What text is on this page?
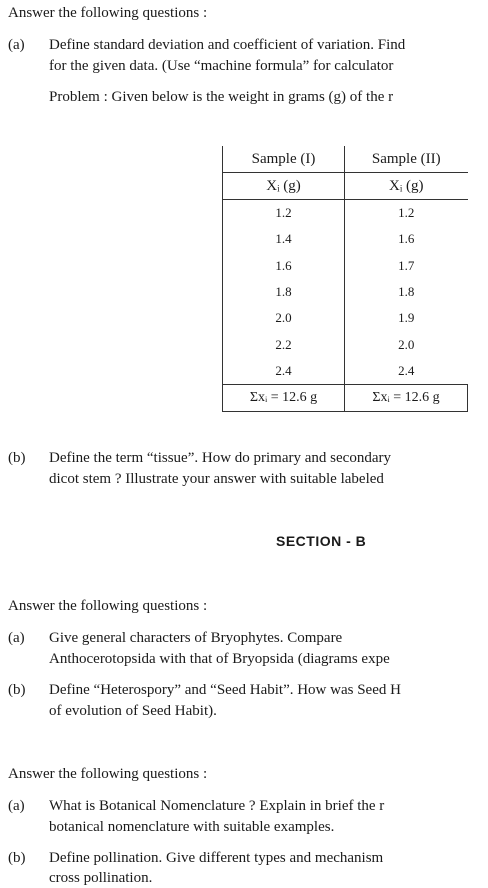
Answer the following questions :
(a) Define standard deviation and coefficient of variation. Find
for the given data. (Use “machine formula” for calculator
Problem : Given below is the weight in grams (g) of the r
Sample (I)	Sample (II)
Xᵢ (g)	Xᵢ (g)
1.2	1.2
1.4	1.6
1.6	1.7
1.8	1.8
2.0	1.9
2.2	2.0
2.4	2.4
Σxᵢ = 12.6 g	Σxᵢ = 12.6 g
(b) Define the term “tissue”. How do primary and secondary
dicot stem ? Illustrate your answer with suitable labeled
SECTION - B
Answer the following questions :
(a) Give general characters of Bryophytes. Compare
Anthocerotopsida with that of Bryopsida (diagrams expe
(b) Define “Heterospory” and “Seed Habit”. How was Seed H
of evolution of Seed Habit).
Answer the following questions :
(a) What is Botanical Nomenclature ? Explain in brief the r
botanical nomenclature with suitable examples.
(b) Define pollination. Give different types and mechanism
cross pollination.
